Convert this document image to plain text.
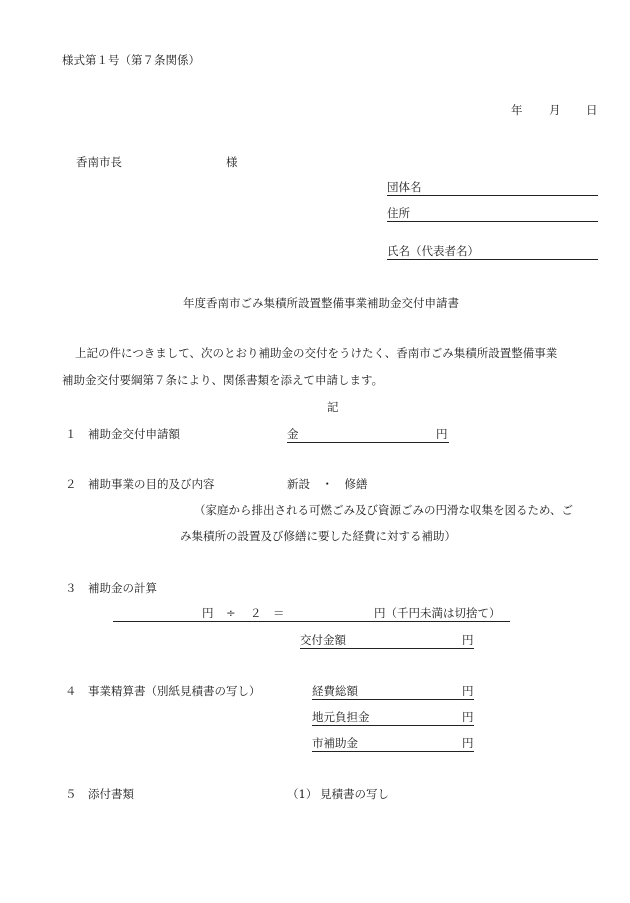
様式第１号（第７条関係）
年 月 日
香南市長	様
団体名
住所
氏名（代表者名）
年度香南市ごみ集積所設置整備事業補助金交付申請書
上記の件につきまして、次のとおり補助金の交付をうけたく、香南市ごみ集積所設置整備事業
補助金交付要綱第７条により、関係書類を添えて申請します。
記
１ 補助金交付申請額	金	円
２ 補助事業の目的及び内容	新設　・　修繕
（家庭から排出される可燃ごみ及び資源ごみの円滑な収集を図るため、ご
み集積所の設置及び修繕に要した経費に対する補助）
３ 補助金の計算
円 ÷ ２ ＝	円（千円未満は切捨て）
交付金額	円
４ 事業精算書（別紙見積書の写し）	経費総額	円
地元負担金	円
市補助金	円
５ 添付書類	（1） 見積書の写し
